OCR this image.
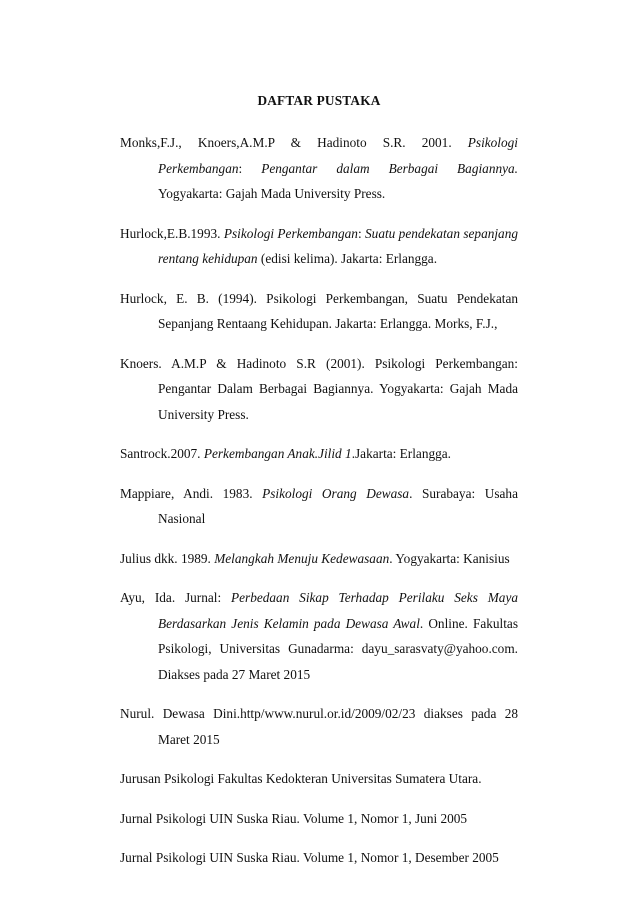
DAFTAR PUSTAKA

Monks,F.J., Knoers,A.M.P & Hadinoto S.R. 2001. Psikologi Perkembangan: Pengantar dalam Berbagai Bagiannya. Yogyakarta: Gajah Mada University Press.

Hurlock,E.B.1993. Psikologi Perkembangan: Suatu pendekatan sepanjang rentang kehidupan (edisi kelima). Jakarta: Erlangga.

Hurlock, E. B. (1994). Psikologi Perkembangan, Suatu Pendekatan Sepanjang Rentaang Kehidupan. Jakarta: Erlangga. Morks, F.J.,

Knoers. A.M.P & Hadinoto S.R (2001). Psikologi Perkembangan: Pengantar Dalam Berbagai Bagiannya. Yogyakarta: Gajah Mada University Press.

Santrock.2007. Perkembangan Anak.Jilid 1.Jakarta: Erlangga.

Mappiare, Andi. 1983. Psikologi Orang Dewasa. Surabaya: Usaha Nasional

Julius dkk. 1989. Melangkah Menuju Kedewasaan. Yogyakarta: Kanisius

Ayu, Ida. Jurnal: Perbedaan Sikap Terhadap Perilaku Seks Maya Berdasarkan Jenis Kelamin pada Dewasa Awal. Online. Fakultas Psikologi, Universitas Gunadarma: dayu_sarasvaty@yahoo.com. Diakses pada 27 Maret 2015

Nurul. Dewasa Dini.http/www.nurul.or.id/2009/02/23 diakses pada 28 Maret 2015

Jurusan Psikologi Fakultas Kedokteran Universitas Sumatera Utara.

Jurnal Psikologi UIN Suska Riau. Volume 1, Nomor 1, Juni 2005

Jurnal Psikologi UIN Suska Riau. Volume 1, Nomor 1, Desember 2005
